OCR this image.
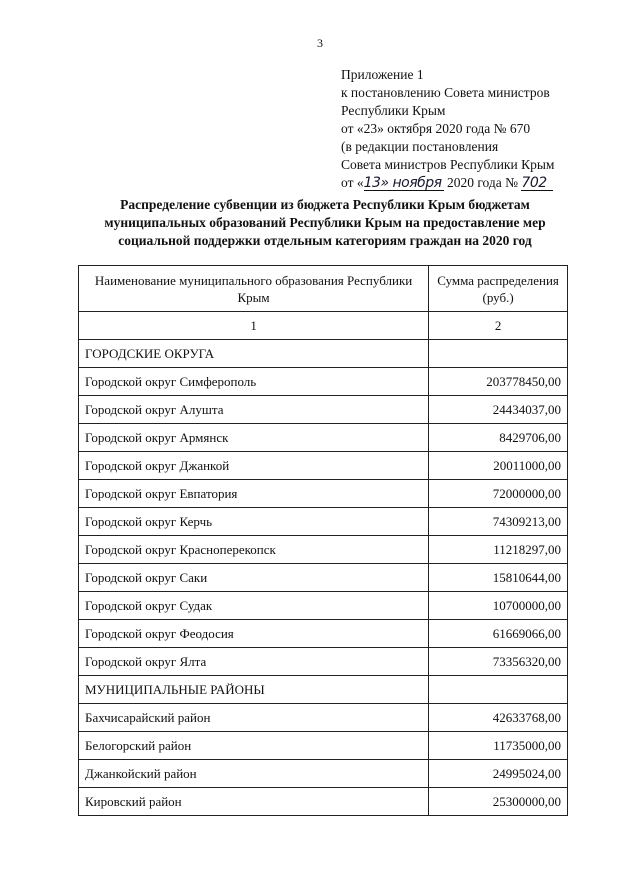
3
Приложение 1
к постановлению Совета министров
Республики Крым
от «23» октября 2020 года № 670
(в редакции постановления
Совета министров Республики Крым
от «13» ноября 2020 года № 702
Распределение субвенции из бюджета Республики Крым бюджетам муниципальных образований Республики Крым на предоставление мер социальной поддержки отдельным категориям граждан на 2020 год
Наименование муниципального образования Республики Крым	Сумма распределения (руб.)
1	2
ГОРОДСКИЕ ОКРУГА	
Городской округ Симферополь	203778450,00
Городской округ Алушта	24434037,00
Городской округ Армянск	8429706,00
Городской округ Джанкой	20011000,00
Городской округ Евпатория	72000000,00
Городской округ Керчь	74309213,00
Городской округ Красноперекопск	11218297,00
Городской округ Саки	15810644,00
Городской округ Судак	10700000,00
Городской округ Феодосия	61669066,00
Городской округ Ялта	73356320,00
МУНИЦИПАЛЬНЫЕ РАЙОНЫ	
Бахчисарайский район	42633768,00
Белогорский район	11735000,00
Джанкойский район	24995024,00
Кировский район	25300000,00
